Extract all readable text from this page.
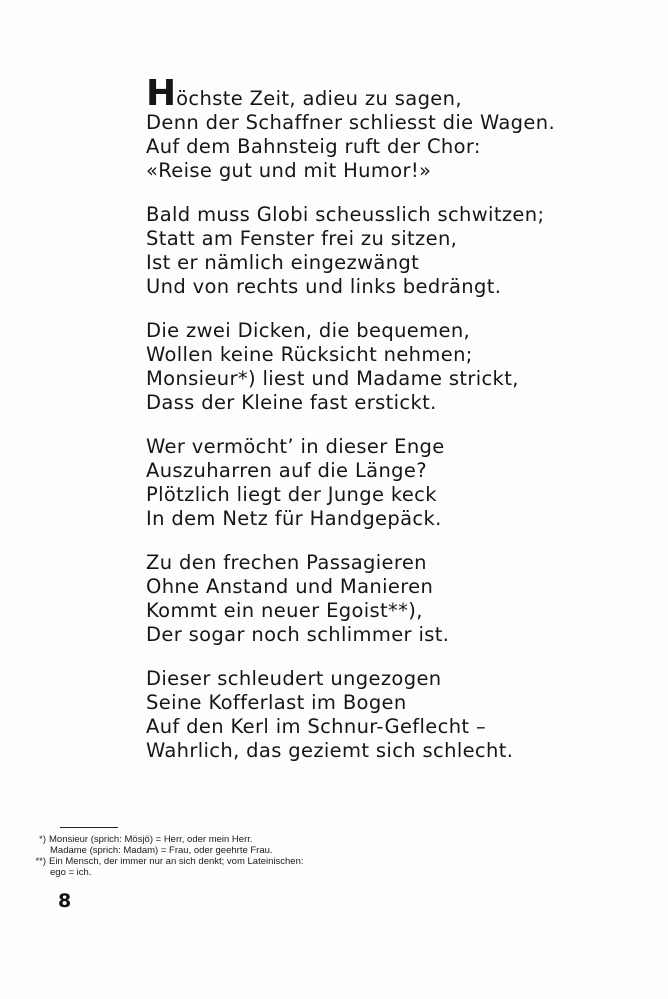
Höchste Zeit, adieu zu sagen,
Denn der Schaffner schliesst die Wagen.
Auf dem Bahnsteig ruft der Chor:
«Reise gut und mit Humor!»
Bald muss Globi scheusslich schwitzen;
Statt am Fenster frei zu sitzen,
Ist er nämlich eingezwängt
Und von rechts und links bedrängt.
Die zwei Dicken, die bequemen,
Wollen keine Rücksicht nehmen;
Monsieur*) liest und Madame strickt,
Dass der Kleine fast erstickt.
Wer vermöcht’ in dieser Enge
Auszuharren auf die Länge?
Plötzlich liegt der Junge keck
In dem Netz für Handgepäck.
Zu den frechen Passagieren
Ohne Anstand und Manieren
Kommt ein neuer Egoist**),
Der sogar noch schlimmer ist.
Dieser schleudert ungezogen
Seine Kofferlast im Bogen
Auf den Kerl im Schnur-Geflecht –
Wahrlich, das geziemt sich schlecht.
*) Monsieur (sprich: Mösjö) = Herr, oder mein Herr.
Madame (sprich: Madam) = Frau, oder geehrte Frau.
**) Ein Mensch, der immer nur an sich denkt; vom Lateinischen:
ego = ich.
8
